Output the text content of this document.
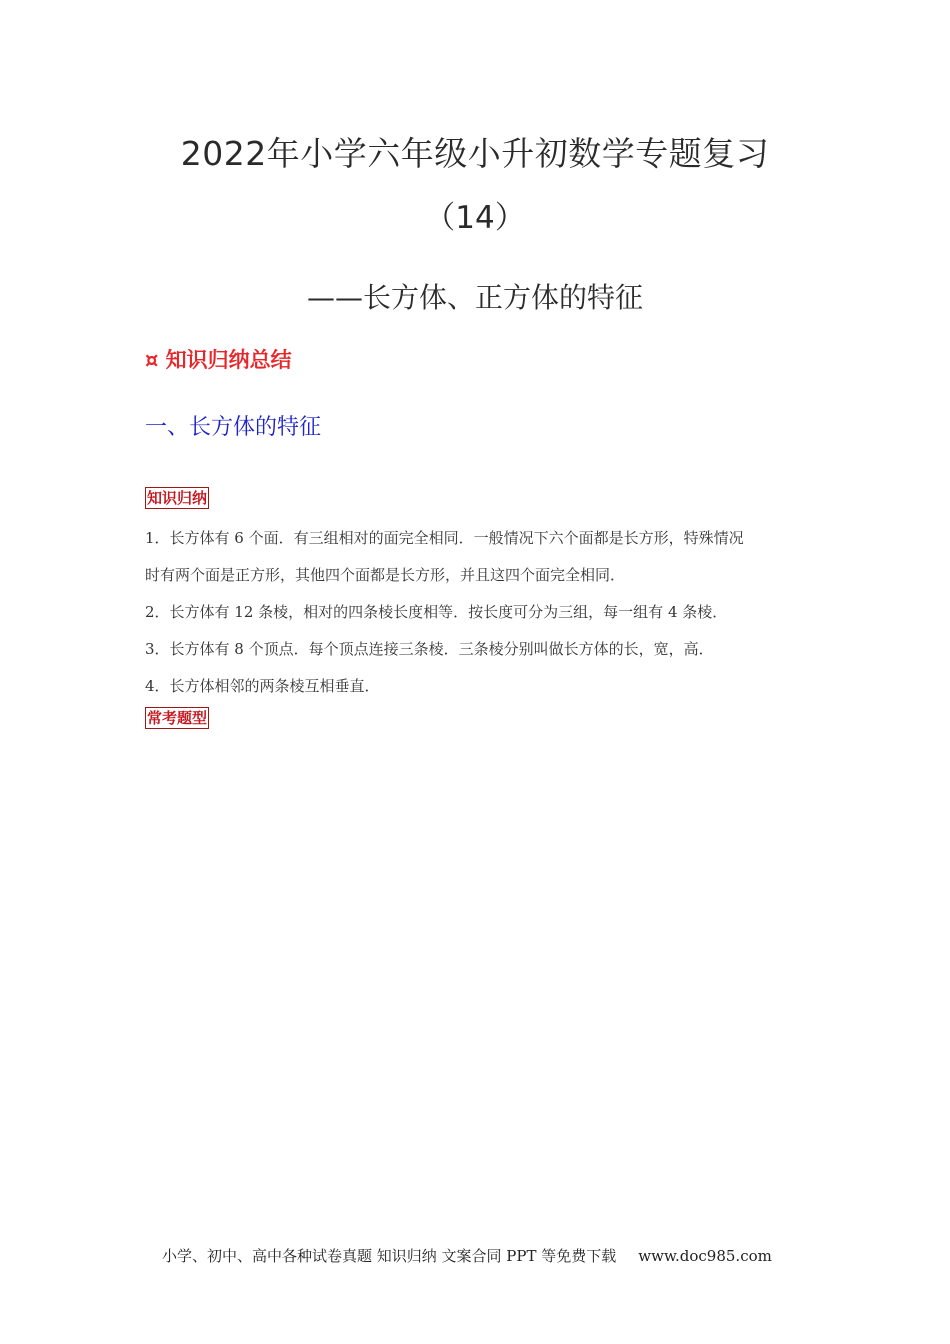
2022年小学六年级小升初数学专题复习
（14）
——长方体、正方体的特征
¤ 知识归纳总结
一、长方体的特征
知识归纳
1．长方体有 6 个面．有三组相对的面完全相同．一般情况下六个面都是长方形，特殊情况
时有两个面是正方形，其他四个面都是长方形，并且这四个面完全相同．
2．长方体有 12 条棱，相对的四条棱长度相等．按长度可分为三组，每一组有 4 条棱．
3．长方体有 8 个顶点．每个顶点连接三条棱．三条棱分别叫做长方体的长，宽，高．
4．长方体相邻的两条棱互相垂直．
常考题型
小学、初中、高中各种试卷真题 知识归纳 文案合同 PPT 等免费下载 www.doc985.com
